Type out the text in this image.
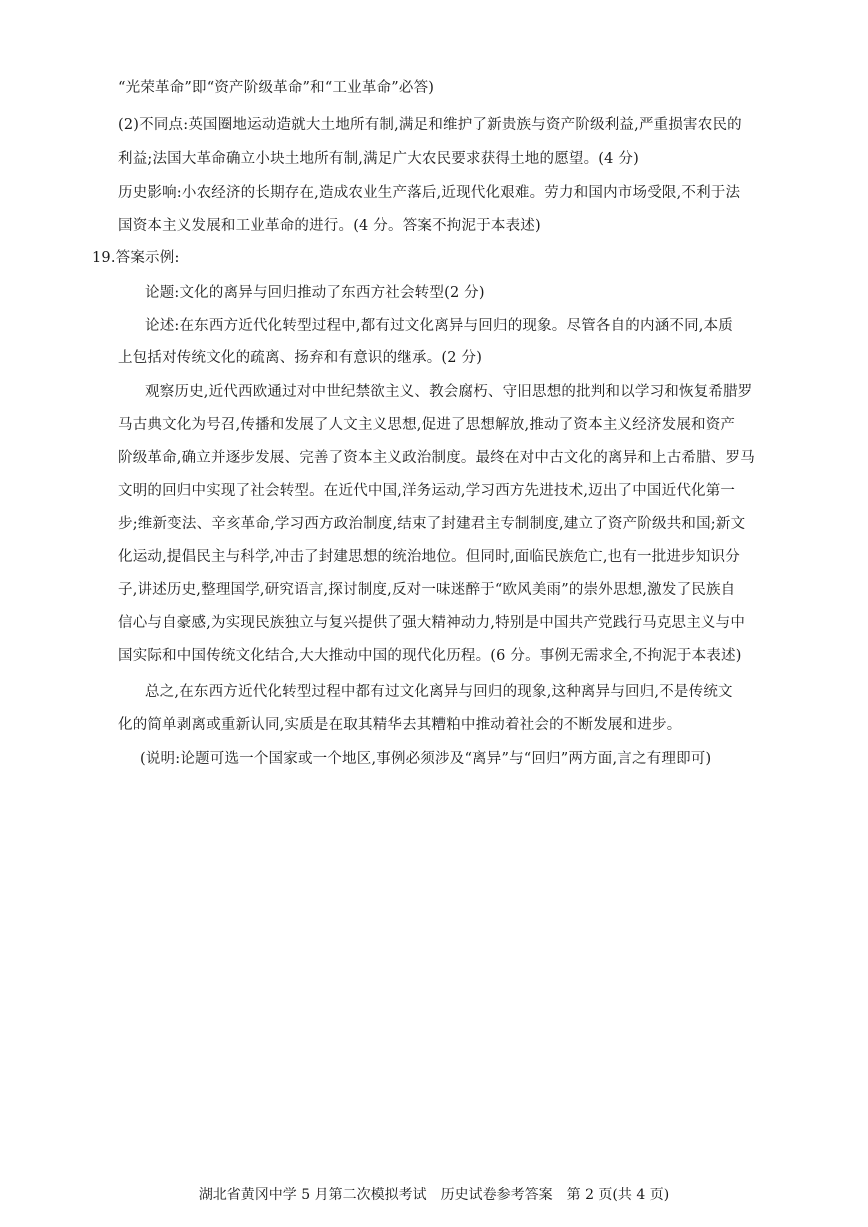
“光荣革命”即“资产阶级革命”和“工业革命”必答)
(2)不同点:英国圈地运动造就大土地所有制,满足和维护了新贵族与资产阶级利益,严重损害农民的
利益;法国大革命确立小块土地所有制,满足广大农民要求获得土地的愿望。(4 分)
历史影响:小农经济的长期存在,造成农业生产落后,近现代化艰难。劳力和国内市场受限,不利于法
国资本主义发展和工业革命的进行。(4 分。答案不拘泥于本表述)
19.答案示例:
论题:文化的离异与回归推动了东西方社会转型(2 分)
论述:在东西方近代化转型过程中,都有过文化离异与回归的现象。尽管各自的内涵不同,本质
上包括对传统文化的疏离、扬弃和有意识的继承。(2 分)
观察历史,近代西欧通过对中世纪禁欲主义、教会腐朽、守旧思想的批判和以学习和恢复希腊罗
马古典文化为号召,传播和发展了人文主义思想,促进了思想解放,推动了资本主义经济发展和资产
阶级革命,确立并逐步发展、完善了资本主义政治制度。最终在对中古文化的离异和上古希腊、罗马
文明的回归中实现了社会转型。在近代中国,洋务运动,学习西方先进技术,迈出了中国近代化第一
步;维新变法、辛亥革命,学习西方政治制度,结束了封建君主专制制度,建立了资产阶级共和国;新文
化运动,提倡民主与科学,冲击了封建思想的统治地位。但同时,面临民族危亡,也有一批进步知识分
子,讲述历史,整理国学,研究语言,探讨制度,反对一味迷醉于“欧风美雨”的崇外思想,激发了民族自
信心与自豪感,为实现民族独立与复兴提供了强大精神动力,特别是中国共产党践行马克思主义与中
国实际和中国传统文化结合,大大推动中国的现代化历程。(6 分。事例无需求全,不拘泥于本表述)
总之,在东西方近代化转型过程中都有过文化离异与回归的现象,这种离异与回归,不是传统文
化的简单剥离或重新认同,实质是在取其精华去其糟粕中推动着社会的不断发展和进步。
(说明:论题可选一个国家或一个地区,事例必须涉及“离异”与“回归”两方面,言之有理即可)
湖北省黄冈中学 5 月第二次模拟考试　历史试卷参考答案　第 2 页(共 4 页)
